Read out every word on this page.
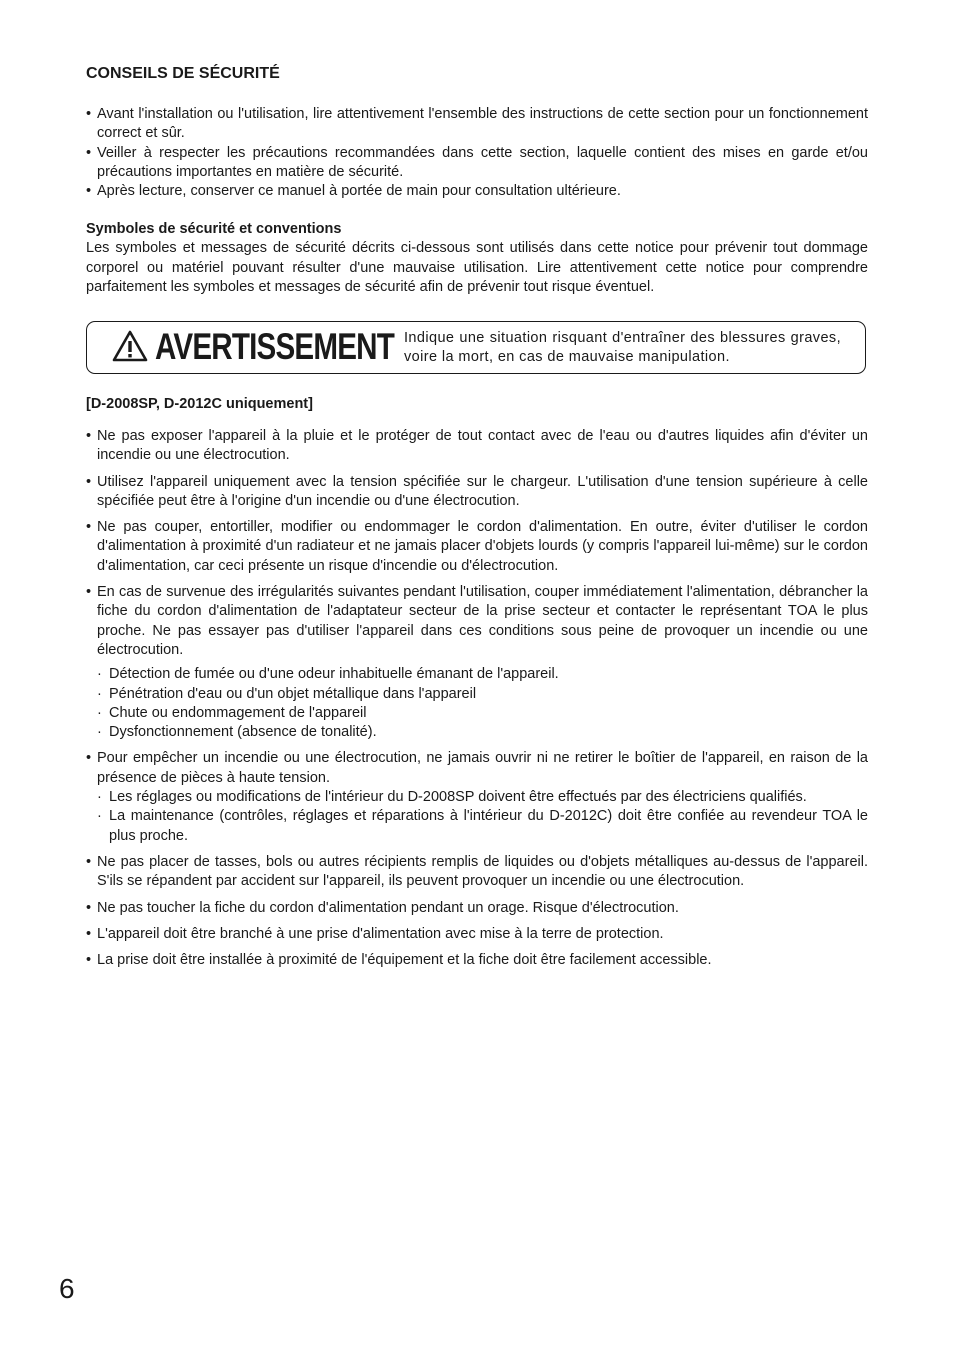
CONSEILS DE SÉCURITÉ
• Avant l'installation ou l'utilisation, lire attentivement l'ensemble des instructions de cette section pour un fonctionnement correct et sûr.
• Veiller à respecter les précautions recommandées dans cette section, laquelle contient des mises en garde et/ou précautions importantes en matière de sécurité.
• Après lecture, conserver ce manuel à portée de main pour consultation ultérieure.
Symboles de sécurité et conventions

Les symboles et messages de sécurité décrits ci-dessous sont utilisés dans cette notice pour prévenir tout dommage corporel ou matériel pouvant résulter d'une mauvaise utilisation. Lire attentivement cette notice pour comprendre parfaitement les symboles et messages de sécurité afin de prévenir tout risque éventuel.

AVERTISSEMENT Indique une situation risquant d'entraîner des blessures graves, voire la mort, en cas de mauvaise manipulation.
[D-2008SP, D-2012C uniquement]
• Ne pas exposer l'appareil à la pluie et le protéger de tout contact avec de l'eau ou d'autres liquides afin d'éviter un incendie ou une électrocution.
• Utilisez l'appareil uniquement avec la tension spécifiée sur le chargeur. L'utilisation d'une tension supérieure à celle spécifiée peut être à l'origine d'un incendie ou d'une électrocution.
• Ne pas couper, entortiller, modifier ou endommager le cordon d'alimentation. En outre, éviter d'utiliser le cordon d'alimentation à proximité d'un radiateur et ne jamais placer d'objets lourds (y compris l'appareil lui-même) sur le cordon d'alimentation, car ceci présente un risque d'incendie ou d'électrocution.
• En cas de survenue des irrégularités suivantes pendant l'utilisation, couper immédiatement l'alimentation, débrancher la fiche du cordon d'alimentation de l'adaptateur secteur de la prise secteur et contacter le représentant TOA le plus proche. Ne pas essayer pas d'utiliser l'appareil dans ces conditions sous peine de provoquer un incendie ou une électrocution.
· Détection de fumée ou d'une odeur inhabituelle émanant de l'appareil.
· Pénétration d'eau ou d'un objet métallique dans l'appareil
· Chute ou endommagement de l'appareil
· Dysfonctionnement (absence de tonalité).
• Pour empêcher un incendie ou une électrocution, ne jamais ouvrir ni ne retirer le boîtier de l'appareil, en raison de la présence de pièces à haute tension.
· Les réglages ou modifications de l'intérieur du D-2008SP doivent être effectués par des électriciens qualifiés.
· La maintenance (contrôles, réglages et réparations à l'intérieur du D-2012C) doit être confiée au revendeur TOA le plus proche.
• Ne pas placer de tasses, bols ou autres récipients remplis de liquides ou d'objets métalliques au-dessus de l'appareil. S'ils se répandent par accident sur l'appareil, ils peuvent provoquer un incendie ou une électrocution.
• Ne pas toucher la fiche du cordon d'alimentation pendant un orage. Risque d'électrocution.
• L'appareil doit être branché à une prise d'alimentation avec mise à la terre de protection.
• La prise doit être installée à proximité de l'équipement et la fiche doit être facilement accessible.
6
